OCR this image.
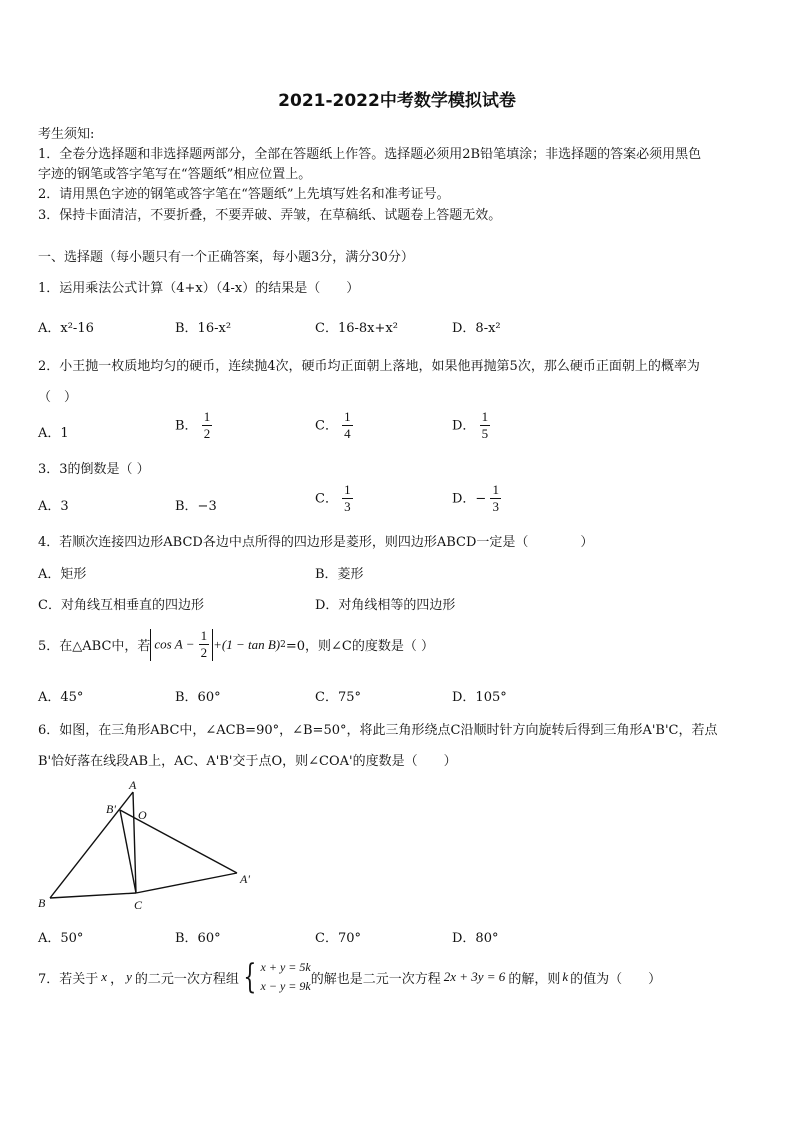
2021-2022中考数学模拟试卷
考生须知:
1．全卷分选择题和非选择题两部分，全部在答题纸上作答。选择题必须用2B铅笔填涂；非选择题的答案必须用黑色
字迹的钢笔或答字笔写在“答题纸”相应位置上。
2．请用黑色字迹的钢笔或答字笔在“答题纸”上先填写姓名和准考证号。
3．保持卡面清洁，不要折叠，不要弄破、弄皱，在草稿纸、试题卷上答题无效。
一、选择题（每小题只有一个正确答案，每小题3分，满分30分）
1．运用乘法公式计算（4+x）（4-x）的结果是（　　）
A．x²-16	B．16-x²	C．16-8x+x²	D．8-x²
2．小王抛一枚质地均匀的硬币，连续抛4次，硬币均正面朝上落地，如果他再抛第5次，那么硬币正面朝上的概率为
（　）
A．1
B． $\frac{1}{2}$	C． $\frac{1}{4}$	D． $\frac{1}{5}$
3．3的倒数是（ ）
A．3	B．−3
C． $\frac{1}{3}$	D．− $\frac{1}{3}$
4．若顺次连接四边形ABCD各边中点所得的四边形是菱形，则四边形ABCD一定是（　　　　）
A．矩形	B．菱形
C．对角线互相垂直的四边形	D．对角线相等的四边形
5．在△ABC中，若 $\cos A - \frac{1}{2} +(1 - \tan B)$ 2 =0，则∠C的度数是（ ）
A．45°	B．60°	C．75°	D．105°
6．如图，在三角形ABC中，∠ACB=90°，∠B=50°，将此三角形绕点C沿顺时针方向旋转后得到三角形A'B'C，若点
B'恰好落在线段AB上，AC、A'B'交于点O，则∠COA'的度数是（　　）
A
B	C
B' O
A'
A．50°	B．60°	C．70°	D．80°
7．若关于 x ， y 的二元一次方程组 { x + y = 5k
x − y = 9k 的解也是二元一次方程 2x + 3y = 6 的解，则 k 的值为（　　）
